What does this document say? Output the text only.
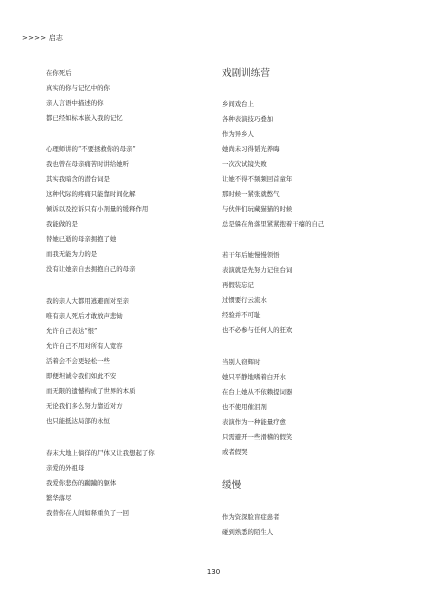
>>>> 启志
在你死后
真实的你与记忆中的你
亲人言语中描述的你
都已经如标本嵌入我的记忆
心理师讲的“不要拯救你的母亲”
我也曾在母亲痛苦时讲给她听
其实我暗含的潜台词是
这种代际的疼痛只能靠时间化解
倾诉以及控诉只有小剂量的缓释作用
我能做的是
替她已逝的母亲拥抱了她
而我无能为力的是
没有让她亲自去拥抱自己的母亲
我的亲人大都用逃避面对至亲
唯有亲人死后才敢放声悲恸
允许自己表达“恨”
允许自己不用对所有人宽容
活着会不会更轻松一些
即便坦诚令我们如此不安
而无限的遗憾构成了世界的本质
无论我们多么努力靠近对方
也只能抵达局部的永恒
春末大地上倘徉的尸体又让我想起了你
亲爱的外祖母
我爱你悲伤的躏躏的躯体
繁华落尽
我替你在人间如释重负了一回
戏剧训练营
乡间戏台上
各种表演技巧叠加
作为异乡人
她尚未习得韬光养晦
一次次试镜失败
让她不得不频频回首童年
那时候一紧张就憋气
与伙伴们玩藏猫猫的时候
总是躲在角落里紧紧抱着干瘪的自己
若干年后她慢慢领悟
表演就是先努力记住台词
再假装忘记
过惯要行云流水
经验并不可耻
也不必参与任何人的狂欢
当别人窃辉时
她只平静地嗜着白开水
在台上她从不依赖提词器
也不使用催泪剂
表演作为一种能量疗愈
只需避开一些滑稽的假笑
或者假哭
缓慢
作为资深脸盲症患者
碰到熟悉的陌生人
130
